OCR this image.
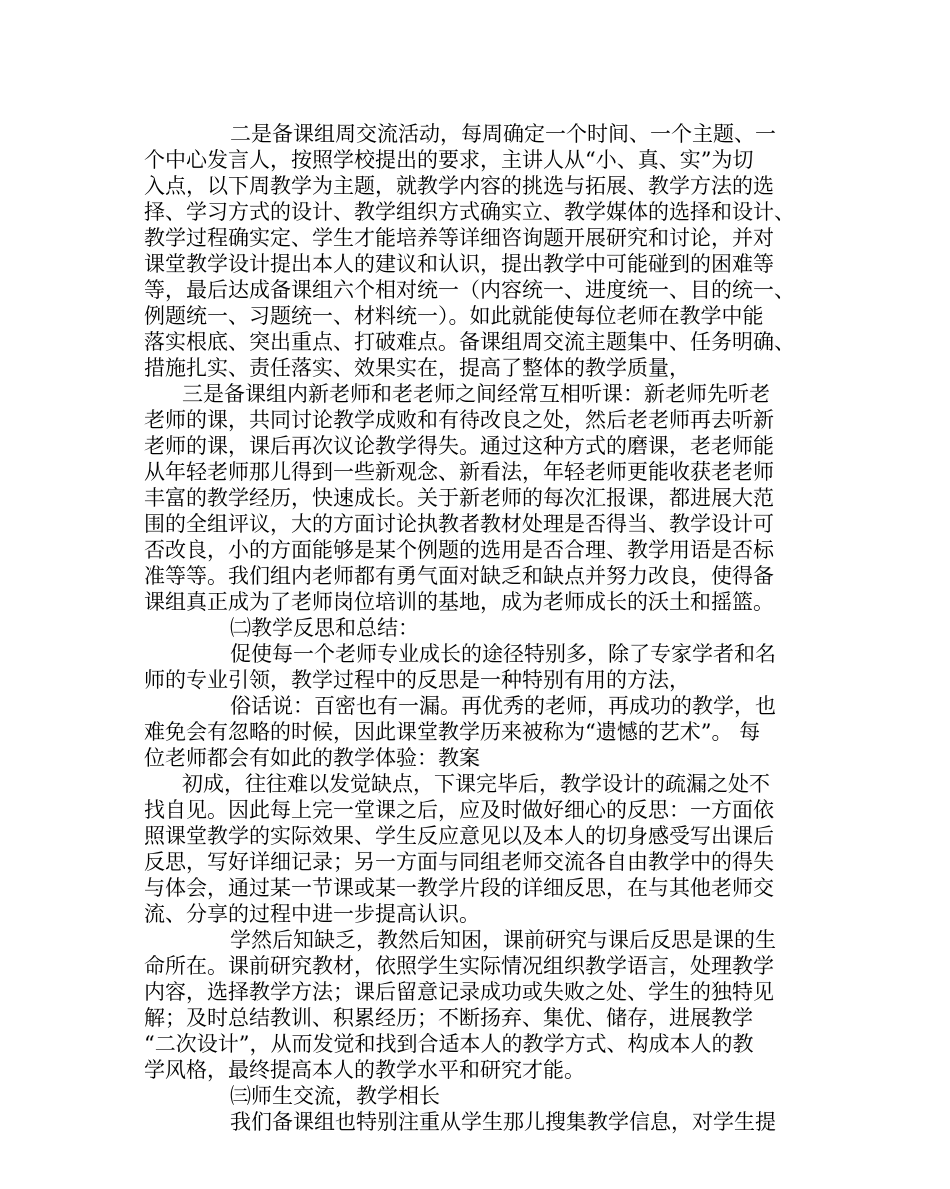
二是备课组周交流活动，每周确定一个时间、一个主题、一
个中心发言人，按照学校提出的要求，主讲人从“小、真、实”为切
入点，以下周教学为主题，就教学内容的挑选与拓展、教学方法的选
择、学习方式的设计、教学组织方式确实立、教学媒体的选择和设计、
教学过程确实定、学生才能培养等详细咨询题开展研究和讨论，并对
课堂教学设计提出本人的建议和认识，提出教学中可能碰到的困难等
等，最后达成备课组六个相对统一（内容统一、进度统一、目的统一、
例题统一、习题统一、材料统一）。如此就能使每位老师在教学中能
落实根底、突出重点、打破难点。备课组周交流主题集中、任务明确、
措施扎实、责任落实、效果实在，提高了整体的教学质量，
三是备课组内新老师和老老师之间经常互相听课：新老师先听老
老师的课，共同讨论教学成败和有待改良之处，然后老老师再去听新
老师的课，课后再次议论教学得失。通过这种方式的磨课，老老师能
从年轻老师那儿得到一些新观念、新看法，年轻老师更能收获老老师
丰富的教学经历，快速成长。关于新老师的每次汇报课，都进展大范
围的全组评议，大的方面讨论执教者教材处理是否得当、教学设计可
否改良，小的方面能够是某个例题的选用是否合理、教学用语是否标
准等等。我们组内老师都有勇气面对缺乏和缺点并努力改良，使得备
课组真正成为了老师岗位培训的基地，成为老师成长的沃土和摇篮。
㈡教学反思和总结：
促使每一个老师专业成长的途径特别多，除了专家学者和名
师的专业引领，教学过程中的反思是一种特别有用的方法，
俗话说：百密也有一漏。再优秀的老师，再成功的教学，也
难免会有忽略的时候，因此课堂教学历来被称为“遗憾的艺术”。 每
位老师都会有如此的教学体验：教案
初成，往往难以发觉缺点，下课完毕后，教学设计的疏漏之处不
找自见。因此每上完一堂课之后，应及时做好细心的反思：一方面依
照课堂教学的实际效果、学生反应意见以及本人的切身感受写出课后
反思，写好详细记录；另一方面与同组老师交流各自由教学中的得失
与体会，通过某一节课或某一教学片段的详细反思，在与其他老师交
流、分享的过程中进一步提高认识。
学然后知缺乏，教然后知困，课前研究与课后反思是课的生
命所在。课前研究教材，依照学生实际情况组织教学语言，处理教学
内容，选择教学方法；课后留意记录成功或失败之处、学生的独特见
解；及时总结教训、积累经历；不断扬弃、集优、储存，进展教学
“二次设计”，从而发觉和找到合适本人的教学方式、构成本人的教
学风格，最终提高本人的教学水平和研究才能。
㈢师生交流，教学相长
我们备课组也特别注重从学生那儿搜集教学信息，对学生提
